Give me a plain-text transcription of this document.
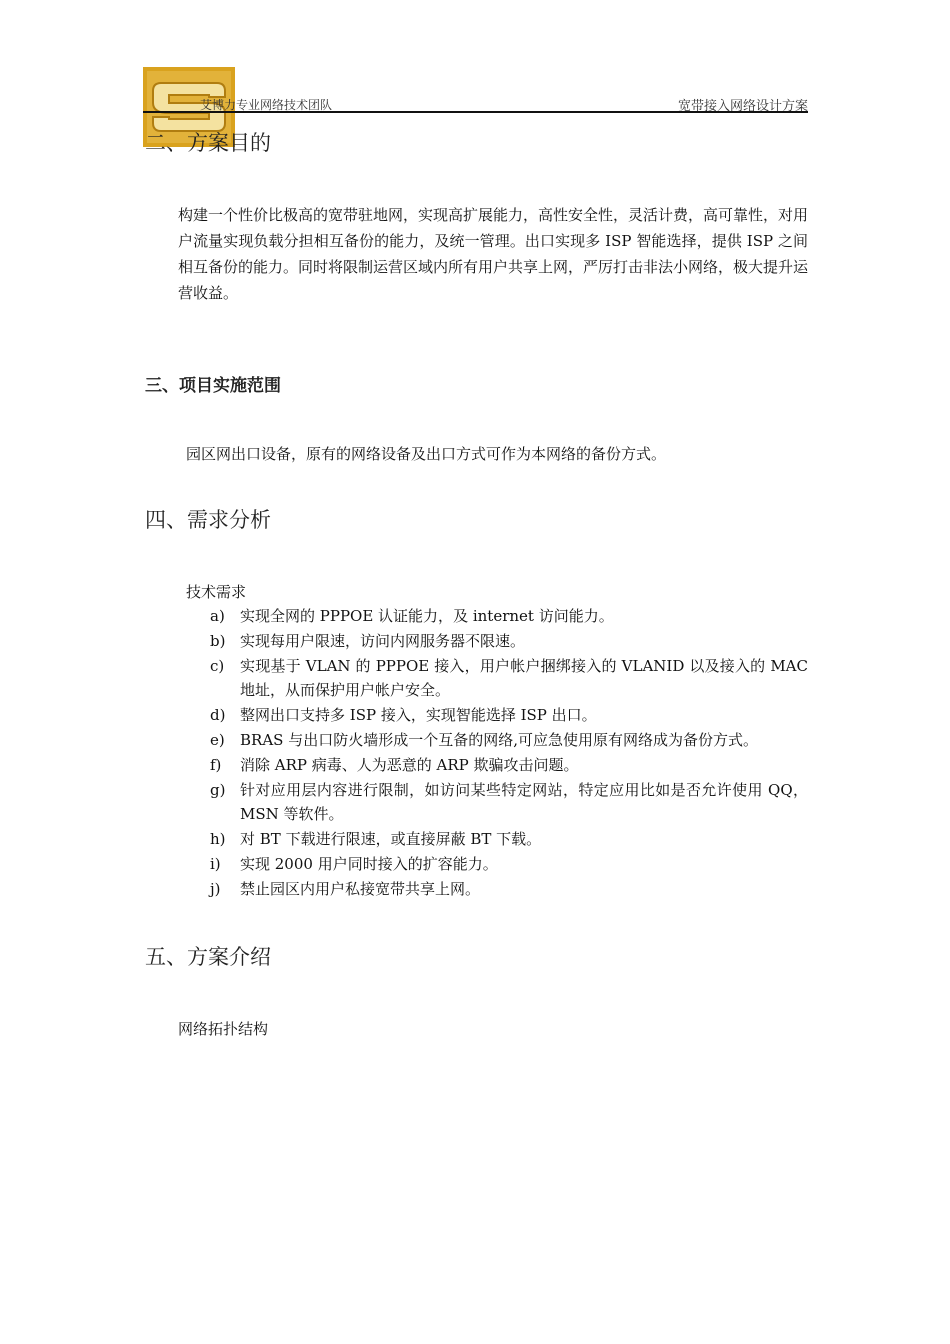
艾博力专业网络技术团队	宽带接入网络设计方案
二、方案目的

构建一个性价比极高的宽带驻地网，实现高扩展能力，高性安全性，灵活计费，高可靠性，对用户流量实现负载分担相互备份的能力，及统一管理。出口实现多 ISP 智能选择，提供 ISP 之间相互备份的能力。同时将限制运营区域内所有用户共享上网，严厉打击非法小网络，极大提升运营收益。

三、项目实施范围

园区网出口设备，原有的网络设备及出口方式可作为本网络的备份方式。

四、需求分析

技术需求

a)	实现全网的 PPPOE 认证能力，及 internet 访问能力。
b) 实现每用户限速，访问内网服务器不限速。
c)	实现基于 VLAN 的 PPPOE 接入，用户帐户捆绑接入的 VLANID 以及接入的 MAC 地址，从而保护用户帐户安全。
d) 整网出口支持多 ISP 接入，实现智能选择 ISP 出口。
e)	BRAS 与出口防火墙形成一个互备的网络,可应急使用原有网络成为备份方式。
f)	消除 ARP 病毒、人为恶意的 ARP 欺骗攻击问题。
g) 针对应用层内容进行限制，如访问某些特定网站，特定应用比如是否允许使用 QQ，MSN 等软件。
h) 对 BT 下载进行限速，或直接屏蔽 BT 下载。
i)	实现 2000 用户同时接入的扩容能力。
j)	禁止园区内用户私接宽带共享上网。
五、方案介绍

网络拓扑结构
